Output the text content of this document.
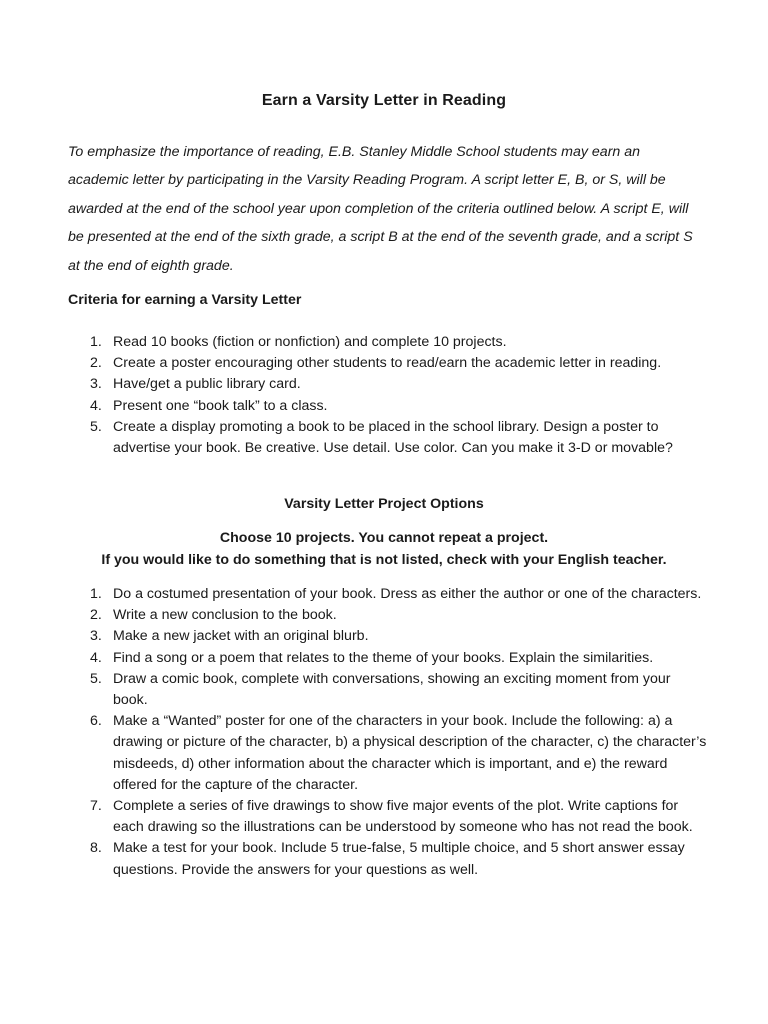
Earn a Varsity Letter in Reading

To emphasize the importance of reading, E.B. Stanley Middle School students may earn an academic letter by participating in the Varsity Reading Program. A script letter E, B, or S, will be awarded at the end of the school year upon completion of the criteria outlined below. A script E, will be presented at the end of the sixth grade, a script B at the end of the seventh grade, and a script S at the end of eighth grade.

Criteria for earning a Varsity Letter

1. Read 10 books (fiction or nonfiction) and complete 10 projects.
2. Create a poster encouraging other students to read/earn the academic letter in reading.
3. Have/get a public library card.
4. Present one “book talk” to a class.
5. Create a display promoting a book to be placed in the school library. Design a poster to advertise your book. Be creative. Use detail. Use color. Can you make it 3-D or movable?

Varsity Letter Project Options

Choose 10 projects. You cannot repeat a project.
If you would like to do something that is not listed, check with your English teacher.
1. Do a costumed presentation of your book. Dress as either the author or one of the characters.
2. Write a new conclusion to the book.
3. Make a new jacket with an original blurb.
4. Find a song or a poem that relates to the theme of your books. Explain the similarities.
5. Draw a comic book, complete with conversations, showing an exciting moment from your book.
6. Make a “Wanted” poster for one of the characters in your book. Include the following: a) a drawing or picture of the character, b) a physical description of the character, c) the character’s misdeeds, d) other information about the character which is important, and e) the reward offered for the capture of the character.
7. Complete a series of five drawings to show five major events of the plot. Write captions for each drawing so the illustrations can be understood by someone who has not read the book.
8. Make a test for your book. Include 5 true-false, 5 multiple choice, and 5 short answer essay questions. Provide the answers for your questions as well.
